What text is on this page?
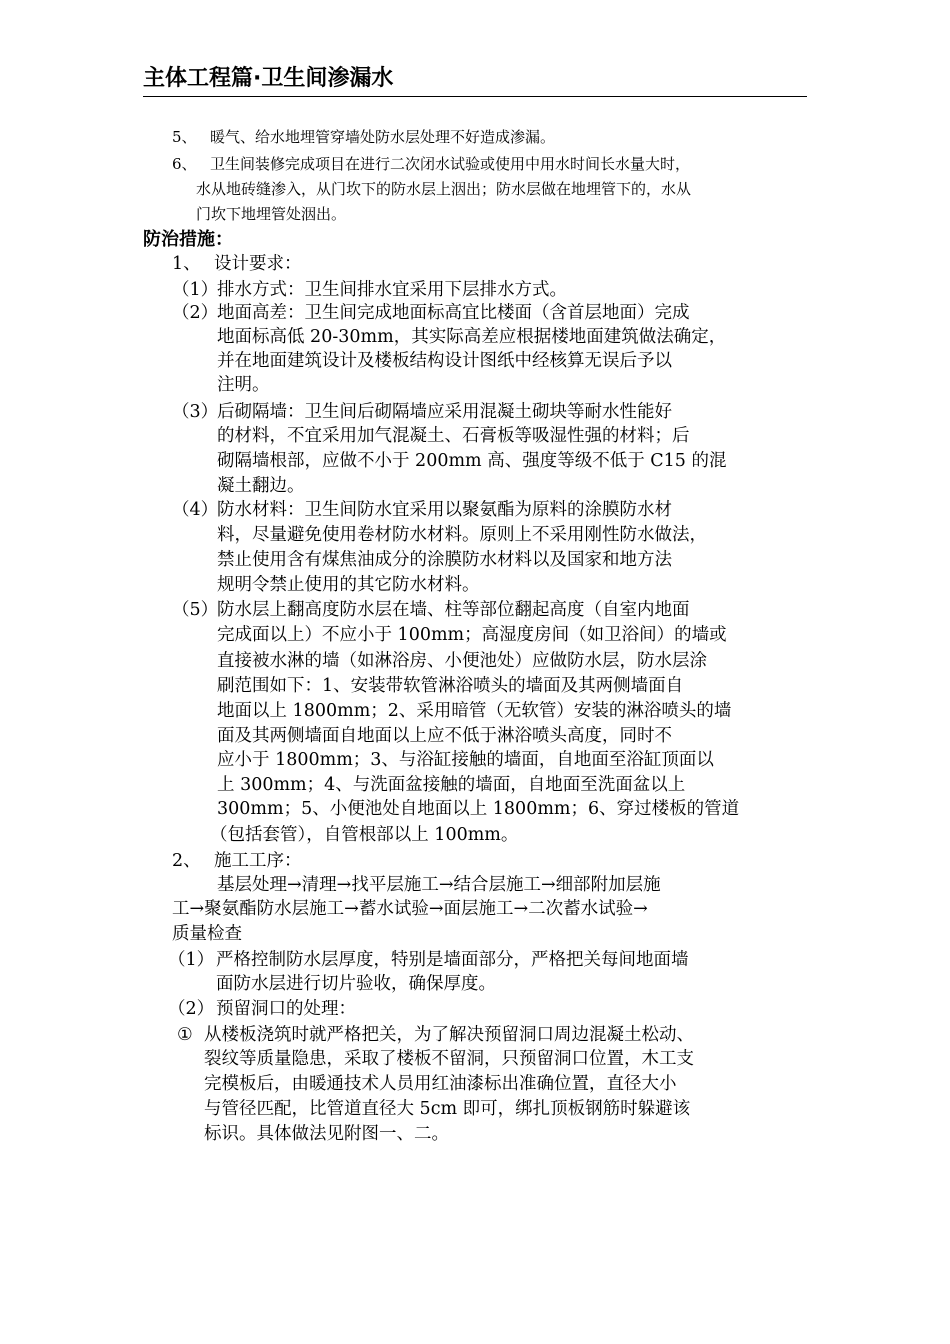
主体工程篇·卫生间渗漏水
5、 暖气、给水地埋管穿墙处防水层处理不好造成渗漏。
6、 卫生间装修完成项目在进行二次闭水试验或使用中用水时间长水量大时，
水从地砖缝渗入，从门坎下的防水层上洇出；防水层做在地埋管下的，水从
门坎下地埋管处洇出。
防治措施：
1、 设计要求：
（1）
排水方式：卫生间排水宜采用下层排水方式。
（2）
地面高差：卫生间完成地面标高宜比楼面（含首层地面）完成
地面标高低 20-30mm，其实际高差应根据楼地面建筑做法确定，
并在地面建筑设计及楼板结构设计图纸中经核算无误后予以
注明。
（3）
后砌隔墙：卫生间后砌隔墙应采用混凝土砌块等耐水性能好
的材料，不宜采用加气混凝土、石膏板等吸湿性强的材料；后
砌隔墙根部，应做不小于 200mm 高、强度等级不低于 C15 的混
凝土翻边。
（4）
防水材料：卫生间防水宜采用以聚氨酯为原料的涂膜防水材
料，尽量避免使用卷材防水材料。原则上不采用刚性防水做法，
禁止使用含有煤焦油成分的涂膜防水材料以及国家和地方法
规明令禁止使用的其它防水材料。
（5）
防水层上翻高度防水层在墙、柱等部位翻起高度（自室内地面
完成面以上）不应小于 100mm；高湿度房间（如卫浴间）的墙或
直接被水淋的墙（如淋浴房、小便池处）应做防水层，防水层涂
刷范围如下：1、安装带软管淋浴喷头的墙面及其两侧墙面自
地面以上 1800mm；2、采用暗管（无软管）安装的淋浴喷头的墙
面及其两侧墙面自地面以上应不低于淋浴喷头高度，同时不
应小于 1800mm；3、与浴缸接触的墙面，自地面至浴缸顶面以
上 300mm；4、与洗面盆接触的墙面，自地面至洗面盆以上
300mm；5、小便池处自地面以上 1800mm；6、穿过楼板的管道
（包括套管），自管根部以上 100mm。
2、 施工工序：
基层处理→清理→找平层施工→结合层施工→细部附加层施
工→聚氨酯防水层施工→蓄水试验→面层施工→二次蓄水试验→
质量检查
（1） 严格控制防水层厚度，特别是墙面部分，严格把关每间地面墙
面防水层进行切片验收，确保厚度。
（2） 预留洞口的处理：
① 从楼板浇筑时就严格把关，为了解决预留洞口周边混凝土松动、
裂纹等质量隐患，采取了楼板不留洞，只预留洞口位置，木工支
完模板后，由暖通技术人员用红油漆标出准确位置，直径大小
与管径匹配，比管道直径大 5cm 即可，绑扎顶板钢筋时躲避该
标识。具体做法见附图一、二。
